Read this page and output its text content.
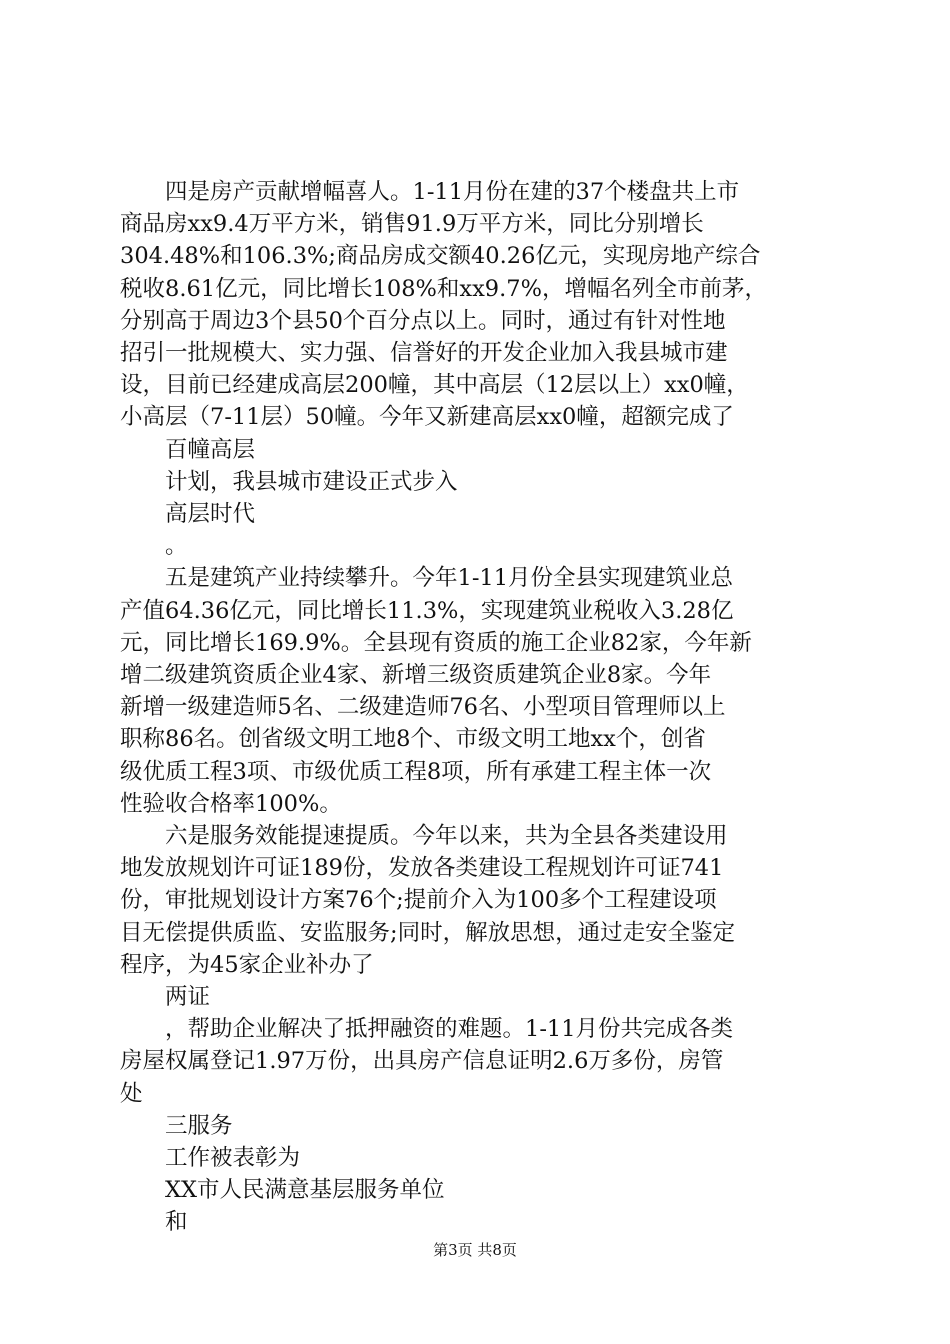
　　四是房产贡献增幅喜人。1-11月份在建的37个楼盘共上市
商品房xx9.4万平方米，销售91.9万平方米，同比分别增长
304.48%和106.3%;商品房成交额40.26亿元，实现房地产综合
税收8.61亿元，同比增长108%和xx9.7%，增幅名列全市前茅，
分别高于周边3个县50个百分点以上。同时，通过有针对性地
招引一批规模大、实力强、信誉好的开发企业加入我县城市建
设，目前已经建成高层200幢，其中高层（12层以上）xx0幢，
小高层（7-11层）50幢。今年又新建高层xx0幢，超额完成了
　　百幢高层
　　计划，我县城市建设正式步入
　　高层时代
　　。
　　五是建筑产业持续攀升。今年1-11月份全县实现建筑业总
产值64.36亿元，同比增长11.3%，实现建筑业税收入3.28亿
元，同比增长169.9%。全县现有资质的施工企业82家，今年新
增二级建筑资质企业4家、新增三级资质建筑企业8家。今年
新增一级建造师5名、二级建造师76名、小型项目管理师以上
职称86名。创省级文明工地8个、市级文明工地xx个，创省
级优质工程3项、市级优质工程8项，所有承建工程主体一次
性验收合格率100%。
　　六是服务效能提速提质。今年以来，共为全县各类建设用
地发放规划许可证189份，发放各类建设工程规划许可证741
份，审批规划设计方案76个;提前介入为100多个工程建设项
目无偿提供质监、安监服务;同时，解放思想，通过走安全鉴定
程序，为45家企业补办了
　　两证
　　，帮助企业解决了抵押融资的难题。1-11月份共完成各类
房屋权属登记1.97万份，出具房产信息证明2.6万多份，房管
处
　　三服务
　　工作被表彰为
　　XX市人民满意基层服务单位
　　和
第3页 共8页
